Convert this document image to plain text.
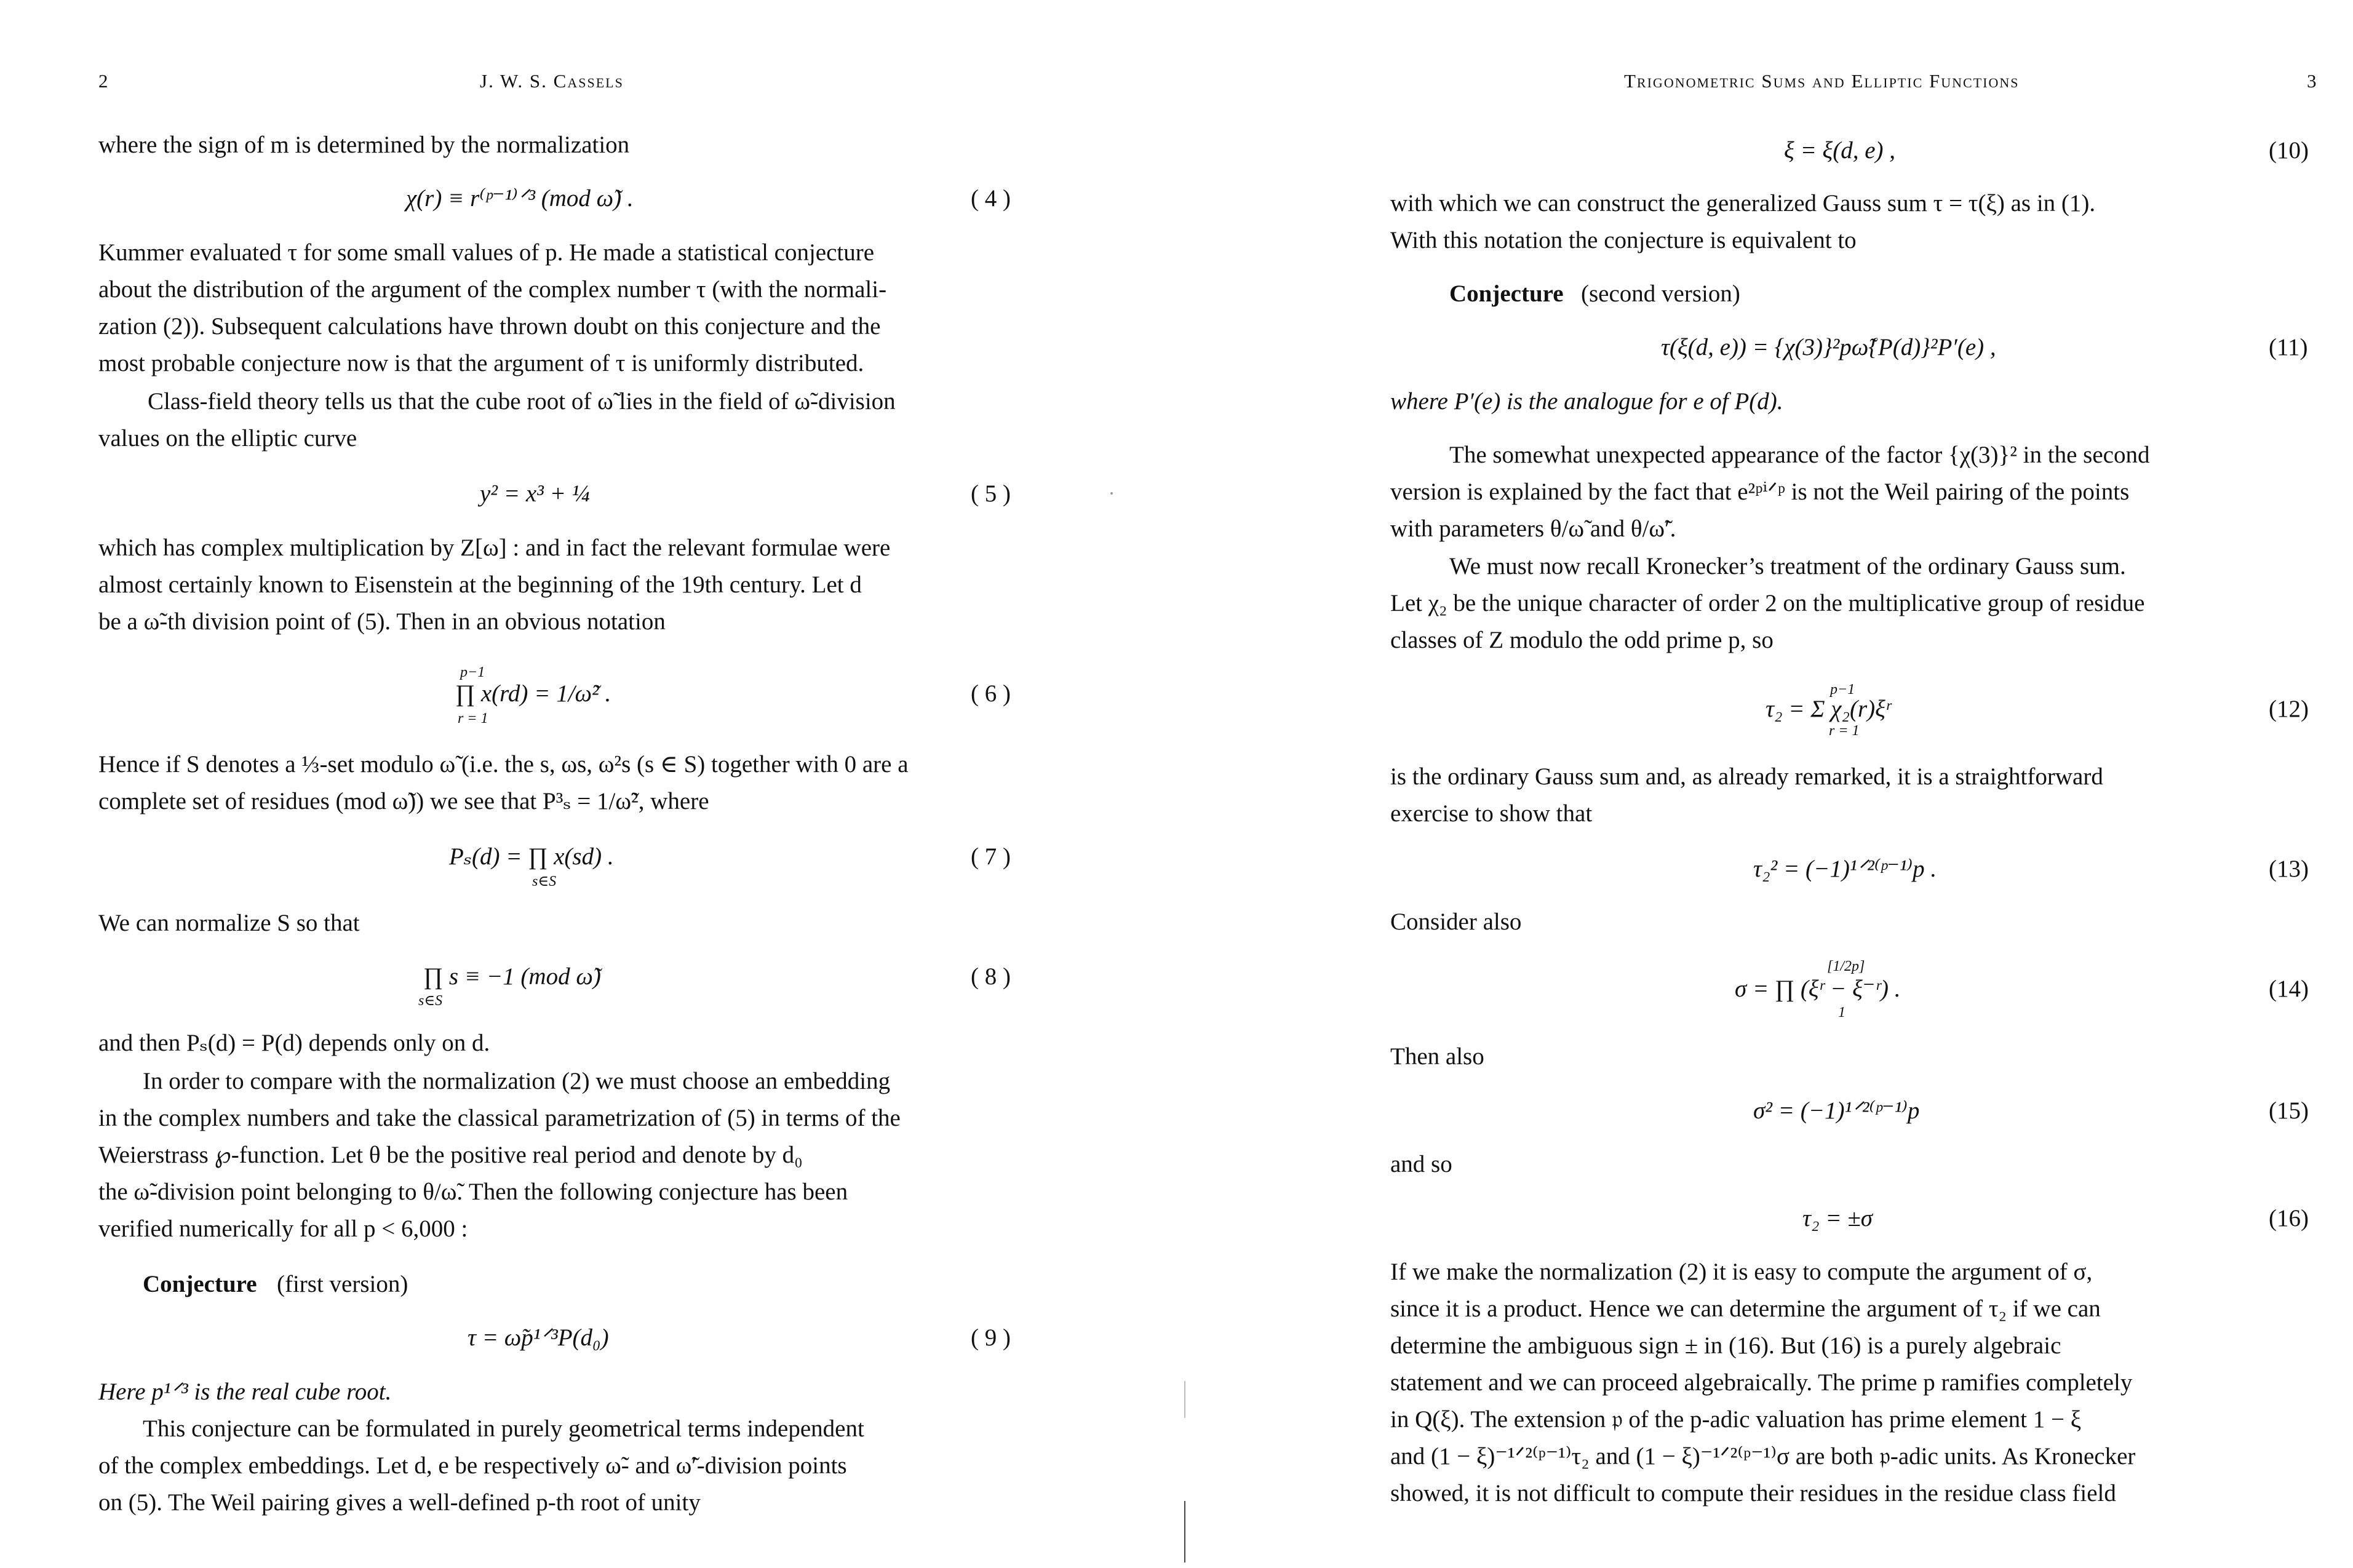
2	J. W. S. Cassels
where the sign of m is determined by the normalization
χ(r) ≡ r⁽ᵖ⁻¹⁾ᐟ³ (mod ω̃) .	( 4 )
Kummer evaluated τ for some small values of p. He made a statistical conjecture
about the distribution of the argument of the complex number τ (with the normali-
zation (2)). Subsequent calculations have thrown doubt on this conjecture and the
most probable conjecture now is that the argument of τ is uniformly distributed.
Class-field theory tells us that the cube root of ω̃ lies in the field of ω̃-division
values on the elliptic curve
y² = x³ + ¼	( 5 )
which has complex multiplication by Z[ω] : and in fact the relevant formulae were
almost certainly known to Eisenstein at the beginning of the 19th century. Let d
be a ω̃-th division point of (5). Then in an obvious notation
p−1
∏ x(rd) = 1/ω̃² .
r = 1
( 6 )
Hence if S denotes a ⅓-set modulo ω̃ (i.e. the s, ωs, ω²s (s ∈ S) together with 0 are a
complete set of residues (mod ω̃)) we see that P³ₛ = 1/ω̃², where
Pₛ(d) = ∏ x(sd) .
s∈S
( 7 )
We can normalize S so that
∏ s ≡ −1 (mod ω̃)
s∈S
( 8 )
and then Pₛ(d) = P(d) depends only on d.
In order to compare with the normalization (2) we must choose an embedding
in the complex numbers and take the classical parametrization of (5) in terms of the
Weierstrass ℘-function. Let θ be the positive real period and denote by d₀
the ω̃-division point belonging to θ/ω̃. Then the following conjecture has been
verified numerically for all p < 6,000 :
Conjecture (first version)
τ = ω̃p¹ᐟ³P(d₀)	( 9 )
Here p¹ᐟ³ is the real cube root.
This conjecture can be formulated in purely geometrical terms independent
of the complex embeddings. Let d, e be respectively ω̃- and ω̃′-division points
on (5). The Weil pairing gives a well-defined p-th root of unity
Trigonometric Sums and Elliptic Functions	3
ξ = ξ(d, e) ,	(10)
with which we can construct the generalized Gauss sum τ = τ(ξ) as in (1).
With this notation the conjecture is equivalent to
Conjecture (second version)
τ(ξ(d, e)) = {χ(3)}²pω̃{P(d)}²P′(e) ,	(11)
where P′(e) is the analogue for e of P(d).
The somewhat unexpected appearance of the factor {χ(3)}² in the second
version is explained by the fact that e²ᵖⁱᐟᵖ is not the Weil pairing of the points
with parameters θ/ω̃ and θ/ω̃′.
We must now recall Kronecker’s treatment of the ordinary Gauss sum.
Let χ₂ be the unique character of order 2 on the multiplicative group of residue
classes of Z modulo the odd prime p, so
p−1
τ₂ = Σ χ₂(r)ξʳ
r = 1
(12)
is the ordinary Gauss sum and, as already remarked, it is a straightforward
exercise to show that
τ₂² = (−1)¹ᐟ²⁽ᵖ⁻¹⁾p .	(13)
Consider also
[1/2p]
σ = ∏ (ξʳ − ξ⁻ʳ) .
1
(14)
Then also
σ² = (−1)¹ᐟ²⁽ᵖ⁻¹⁾p	(15)
and so
τ₂ = ±σ	(16)
If we make the normalization (2) it is easy to compute the argument of σ,
since it is a product. Hence we can determine the argument of τ₂ if we can
determine the ambiguous sign ± in (16). But (16) is a purely algebraic
statement and we can proceed algebraically. The prime p ramifies completely
in Q(ξ). The extension 𝔭 of the p-adic valuation has prime element 1 − ξ
and (1 − ξ)⁻¹ᐟ²⁽ᵖ⁻¹⁾τ₂ and (1 − ξ)⁻¹ᐟ²⁽ᵖ⁻¹⁾σ are both 𝔭-adic units. As Kronecker
showed, it is not difficult to compute their residues in the residue class field
